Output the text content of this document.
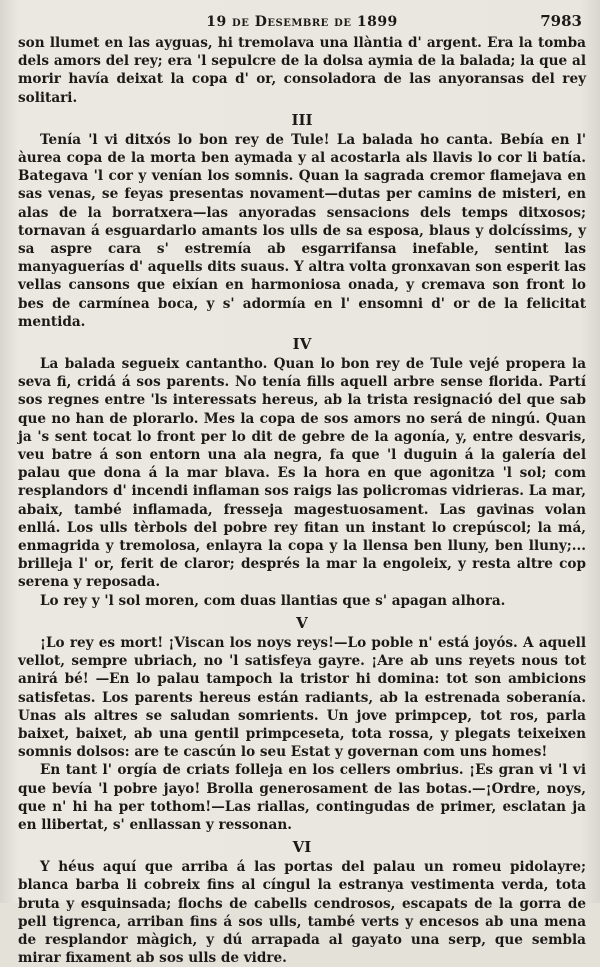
19 de Desembre de 1899	7983

son llumet en las ayguas, hi tremolava una llàntia d' argent. Era la tomba dels amors del rey; era 'l sepulcre de la dolsa aymia de la balada; la que al morir havía deixat la copa d' or, consoladora de las anyoransas del rey solitari.

III

Tenía 'l vi ditxós lo bon rey de Tule! La balada ho canta. Bebía en l' àurea copa de la morta ben aymada y al acostarla als llavis lo cor li batía. Bategava 'l cor y venían los somnis. Quan la sagrada cremor flamejava en sas venas, se feyas presentas novament—dutas per camins de misteri, en alas de la borratxera—las anyoradas sensacions dels temps ditxosos; tornavan á esguardarlo amants los ulls de sa esposa, blaus y dolcíssims, y sa aspre cara s' estremía ab esgarrifansa inefable, sentint las manyaguerías d' aquells dits suaus. Y altra volta gronxavan son esperit las vellas cansons que eixían en harmoniosa onada, y cremava son front lo bes de carmínea boca, y s' adormía en l' ensomni d' or de la felicitat mentida.

IV

La balada segueix cantantho. Quan lo bon rey de Tule vejé propera la seva fi, cridá á sos parents. No tenía fills aquell arbre sense florida. Partí sos regnes entre 'ls interessats hereus, ab la trista resignació del que sab que no han de plorarlo. Mes la copa de sos amors no será de ningú. Quan ja 's sent tocat lo front per lo dit de gebre de la agonía, y, entre desvaris, veu batre á son entorn una ala negra, fa que 'l duguin á la galería del palau que dona á la mar blava. Es la hora en que agonitza 'l sol; com resplandors d' incendi inflaman sos raigs las policromas vidrieras. La mar, abaix, també inflamada, fresseja magestuosament. Las gavinas volan enllá. Los ulls tèrbols del pobre rey fitan un instant lo crepúscol; la má, enmagrida y tremolosa, enlayra la copa y la llensa ben lluny, ben lluny;... brilleja l' or, ferit de claror; després la mar la engoleix, y resta altre cop serena y reposada.

Lo rey y 'l sol moren, com duas llantias que s' apagan alhora.

V

¡Lo rey es mort! ¡Viscan los noys reys!—Lo poble n' está joyós. A aquell vellot, sempre ubriach, no 'l satisfeya gayre. ¡Are ab uns reyets nous tot anirá bé! —En lo palau tampoch la tristor hi domina: tot son ambicions satisfetas. Los parents hereus están radiants, ab la estrenada soberanía. Unas als altres se saludan somrients. Un jove primpcep, tot ros, parla baixet, baixet, ab una gentil primpceseta, tota rossa, y plegats teixeixen somnis dolsos: are te cascún lo seu Estat y governan com uns homes!

En tant l' orgía de criats folleja en los cellers ombrius. ¡Es gran vi 'l vi que bevía 'l pobre jayo! Brolla generosament de las botas.—¡Ordre, noys, que n' hi ha per tothom!—Las riallas, contingudas de primer, esclatan ja en llibertat, s' enllassan y ressonan.

VI

Y héus aquí que arriba á las portas del palau un romeu pidolayre; blanca barba li cobreix fins al cíngul la estranya vestimenta verda, tota bruta y esquinsada; flochs de cabells cendrosos, escapats de la gorra de pell tigrenca, arriban fins á sos ulls, també verts y encesos ab una mena de resplandor màgich, y dú arrapada al gayato una serp, que sembla mirar fixament ab sos ulls de vidre.
